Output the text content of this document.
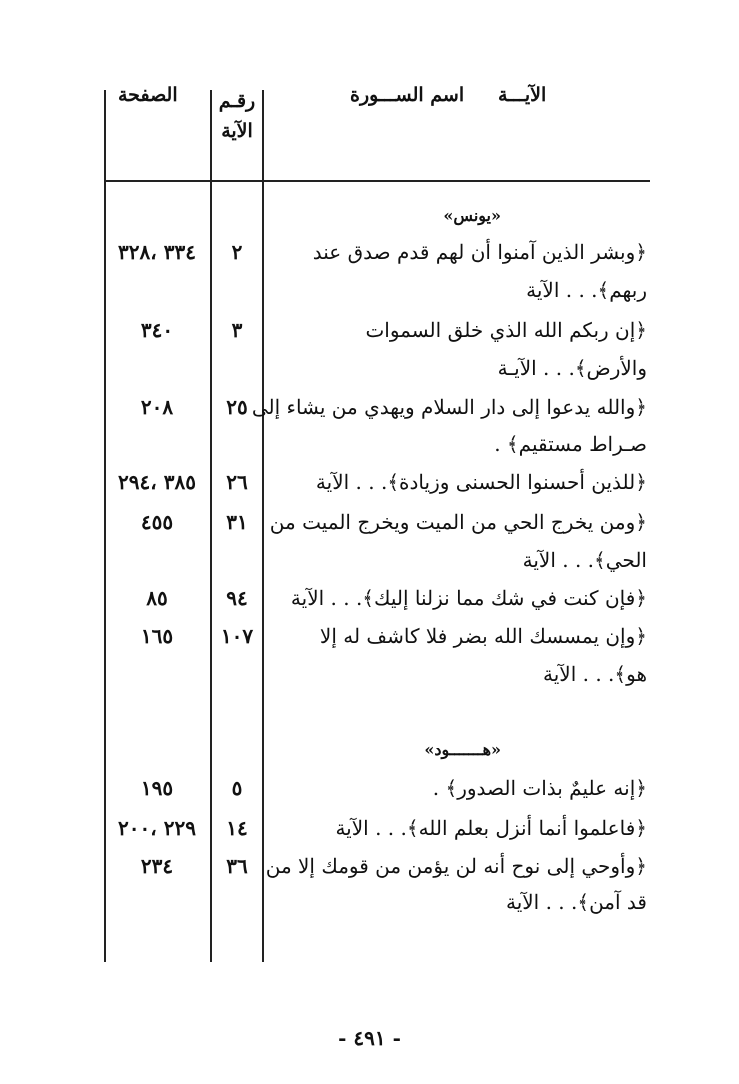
الآيـــة
اسم الســـورة
رقـم
الآية
الصفحة
«يونس»
﴿وبشر الذين آمنوا أن لهم قدم صدق عند
ربهم﴾. . . الآية
٢
٣٣٤ ،٣٢٨
﴿إن ربكم الله الذي خلق السموات
والأرض﴾. . . الآيـة
٣
٣٤٠
﴿والله يدعوا إلى دار السلام ويهدي من يشاء إلى
صـراط مستقيم﴾ .
٢٥
٢٠٨
﴿للذين أحسنوا الحسنى وزيادة﴾. . . الآية
٢٦
٣٨٥ ،٢٩٤
﴿ومن يخرج الحي من الميت ويخرج الميت من
الحي﴾. . . الآية
٣١
٤٥٥
﴿فإن كنت في شك مما نزلنا إليك﴾. . . الآية
٩٤
٨٥
﴿وإن يمسسك الله بضر فلا كاشف له إلا
هو﴾. . . الآية
١٠٧
١٦٥
«هـــــــود»
﴿إنه عليمٌ بذات الصدور﴾ .
٥
١٩٥
﴿فاعلموا أنما أنزل بعلم الله﴾. . . الآية
١٤
٢٢٩ ،٢٠٠
﴿وأوحي إلى نوح أنه لن يؤمن من قومك إلا من
قد آمن﴾. . . الآية
٣٦
٢٣٤
- ٤٩١ -
